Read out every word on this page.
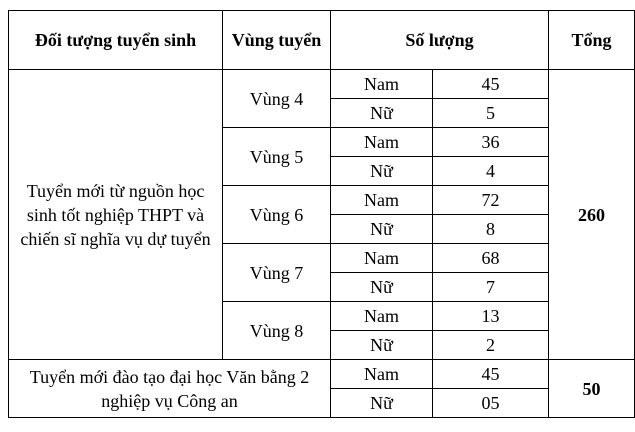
Đối tượng tuyển sinh	Vùng tuyển	Số lượng		Tổng
Tuyển mới từ nguồn học sinh tốt nghiệp THPT và chiến sĩ nghĩa vụ dự tuyển	Vùng 4	Nam	45	260
		Nữ	5	
	Vùng 5	Nam	36	
		Nữ	4	
	Vùng 6	Nam	72	
		Nữ	8	
	Vùng 7	Nam	68	
		Nữ	7	
	Vùng 8	Nam	13	
		Nữ	2	
Tuyển mới đào tạo đại học Văn bằng 2 nghiệp vụ Công an		Nam	45	50
		Nữ	05	
